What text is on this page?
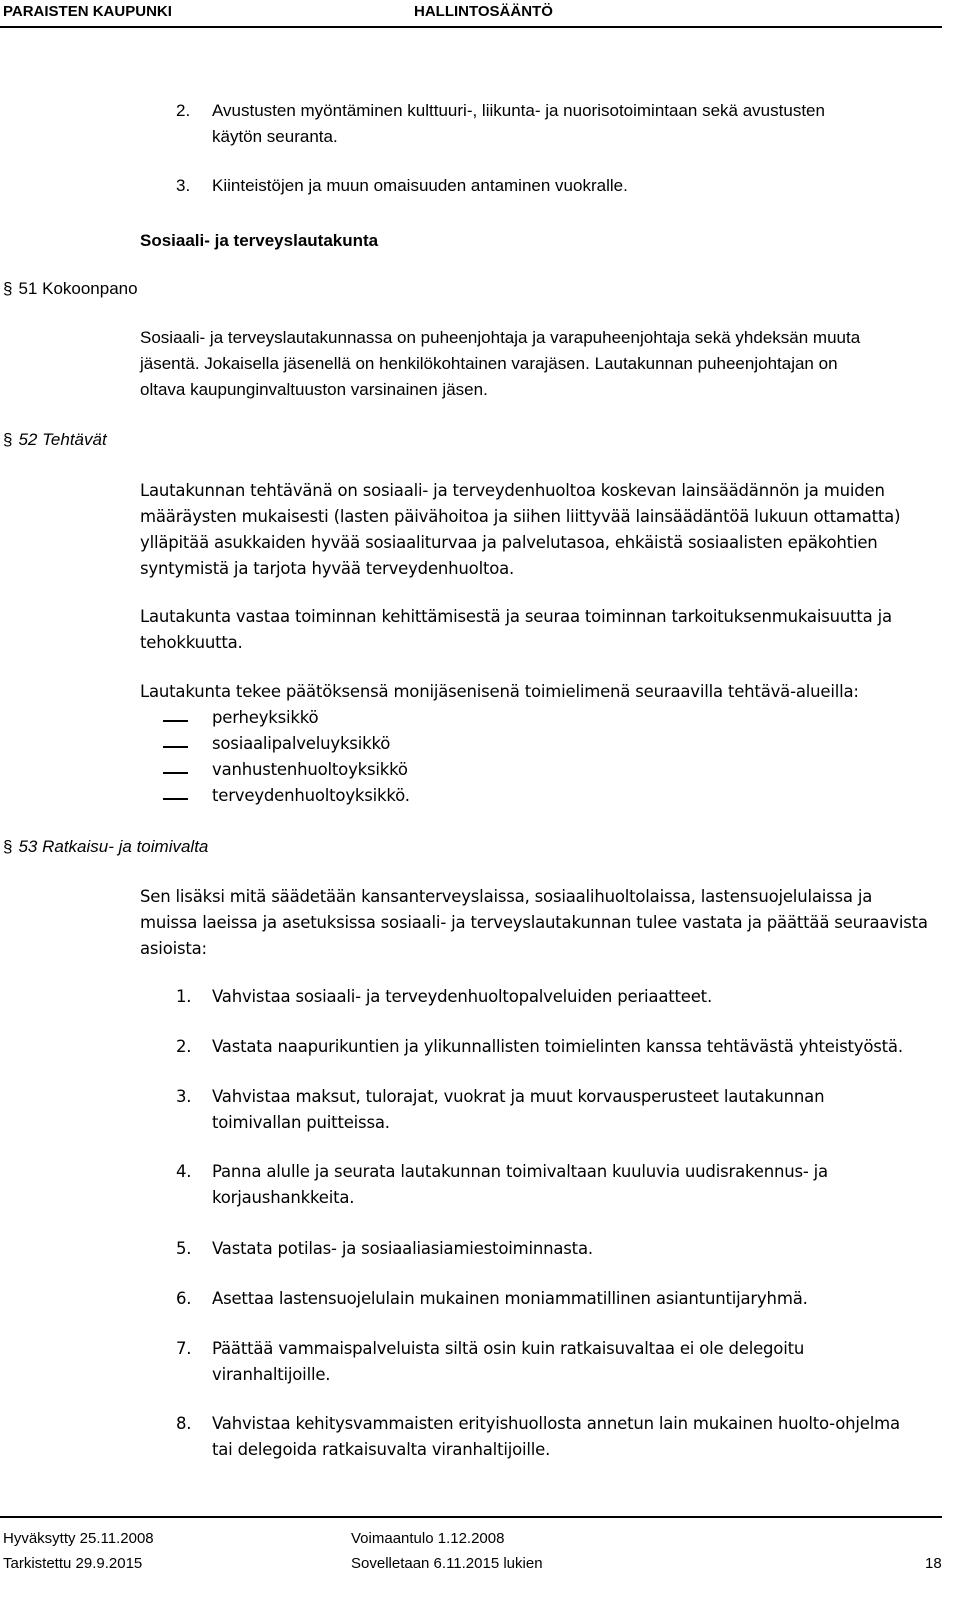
PARAISTEN KAUPUNKI	HALLINTOSÄÄNTÖ
2. Avustusten myöntäminen kulttuuri-, liikunta- ja nuorisotoimintaan sekä avustusten
käytön seuranta.
3. Kiinteistöjen ja muun omaisuuden antaminen vuokralle.
Sosiaali- ja terveyslautakunta
§ 51 Kokoonpano
§ 52 Tehtävät
§ 53 Ratkaisu- ja toimivalta
Sosiaali- ja terveyslautakunnassa on puheenjohtaja ja varapuheenjohtaja sekä yhdeksän muuta
jäsentä. Jokaisella jäsenellä on henkilökohtainen varajäsen. Lautakunnan puheenjohtajan on
oltava kaupunginvaltuuston varsinainen jäsen.
Lautakunnan tehtävänä on sosiaali- ja terveydenhuoltoa koskevan lainsäädännön ja muiden
määräysten mukaisesti (lasten päivähoitoa ja siihen liittyvää lainsäädäntöä lukuun ottamatta)
ylläpitää asukkaiden hyvää sosiaaliturvaa ja palvelutasoa, ehkäistä sosiaalisten epäkohtien
syntymistä ja tarjota hyvää terveydenhuoltoa.
Lautakunta vastaa toiminnan kehittämisestä ja seuraa toiminnan tarkoituksenmukaisuutta ja
tehokkuutta.
Lautakunta tekee päätöksensä monijäsenisenä toimielimenä seuraavilla tehtävä-alueilla:
perheyksikkö
sosiaalipalveluyksikkö
vanhustenhuoltoyksikkö
terveydenhuoltoyksikkö.
Sen lisäksi mitä säädetään kansanterveyslaissa, sosiaalihuoltolaissa, lastensuojelulaissa ja
muissa laeissa ja asetuksissa sosiaali- ja terveyslautakunnan tulee vastata ja päättää seuraavista
asioista:
1. Vahvistaa sosiaali- ja terveydenhuoltopalveluiden periaatteet.
2. Vastata naapurikuntien ja ylikunnallisten toimielinten kanssa tehtävästä yhteistyöstä.
3. Vahvistaa maksut, tulorajat, vuokrat ja muut korvausperusteet lautakunnan
toimivallan puitteissa.
4. Panna alulle ja seurata lautakunnan toimivaltaan kuuluvia uudisrakennus- ja
korjaushankkeita.
5. Vastata potilas- ja sosiaaliasiamiestoiminnasta.
6. Asettaa lastensuojelulain mukainen moniammatillinen asiantuntijaryhmä.
7. Päättää vammaispalveluista siltä osin kuin ratkaisuvaltaa ei ole delegoitu
viranhaltijoille.
8. Vahvistaa kehitysvammaisten erityishuollosta annetun lain mukainen huolto-ohjelma
tai delegoida ratkaisuvalta viranhaltijoille.
Hyväksytty 25.11.2008
Tarkistettu 29.9.2015
Voimaantulo 1.12.2008
Sovelletaan 6.11.2015 lukien	18
